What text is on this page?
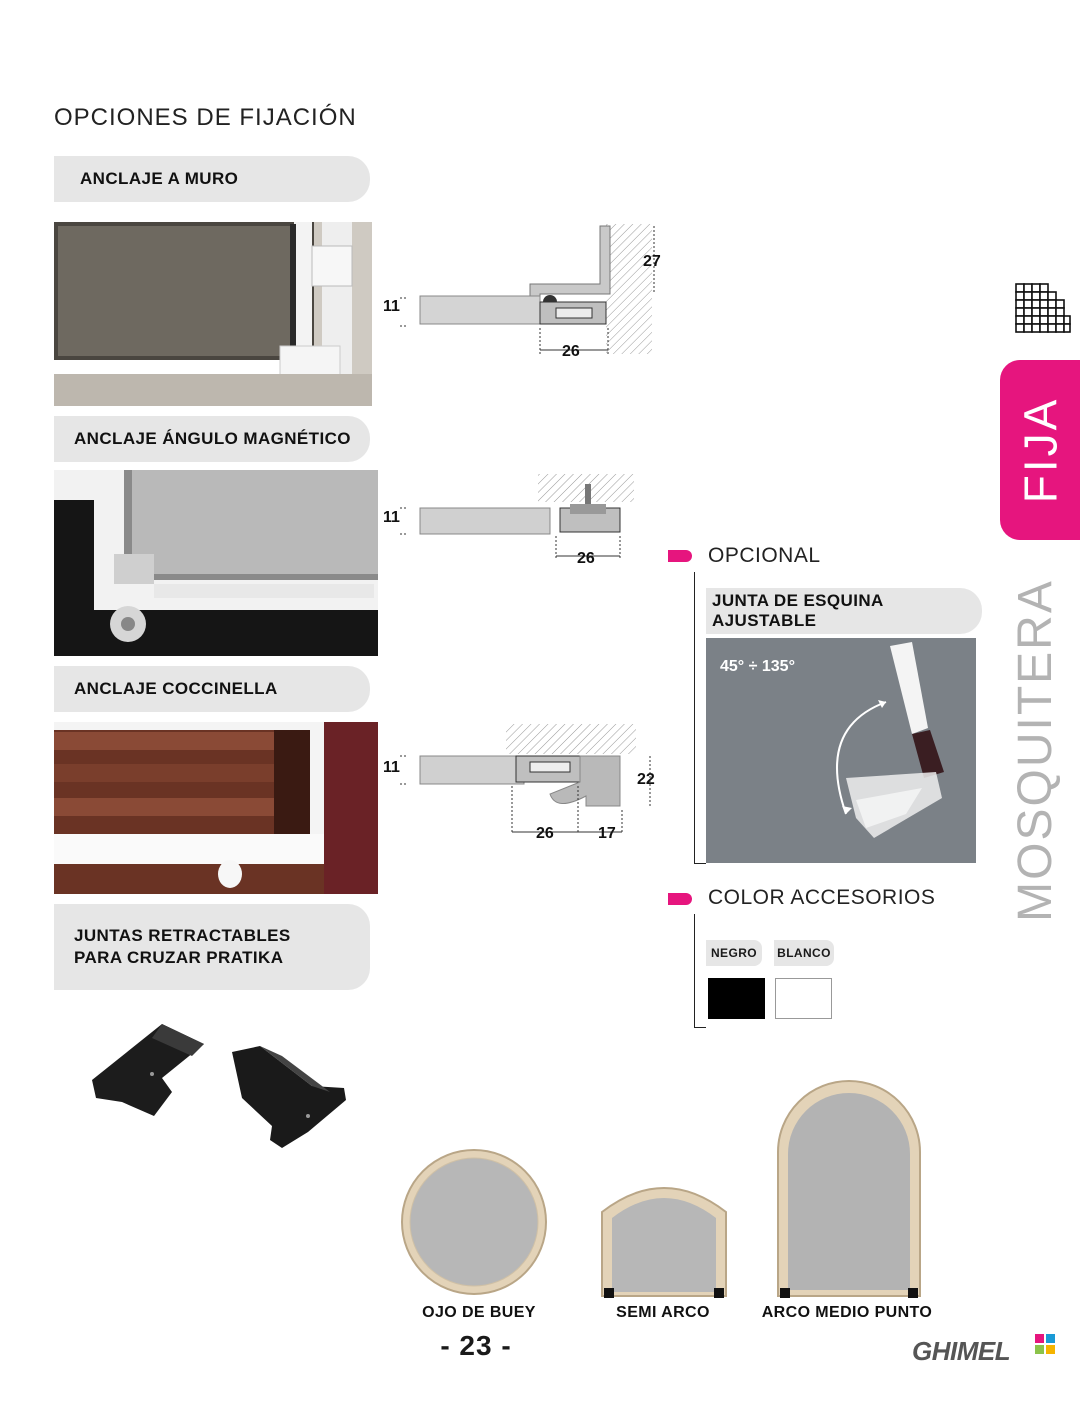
OPCIONES DE FIJACIÓN
ANCLAJE A MURO
11
26
27
ANCLAJE ÁNGULO MAGNÉTICO
11
26
ANCLAJE COCCINELLA
11
26	17
22
JUNTAS RETRACTABLES
PARA CRUZAR PRATIKA
OPCIONAL
JUNTA DE ESQUINA
AJUSTABLE
45° ÷ 135°
COLOR ACCESORIOS
NEGRO	BLANCO
FIJA
MOSQUITERA
OJO DE BUEY	SEMI ARCO	ARCO MEDIO PUNTO
- 23 -	GHIMEL
